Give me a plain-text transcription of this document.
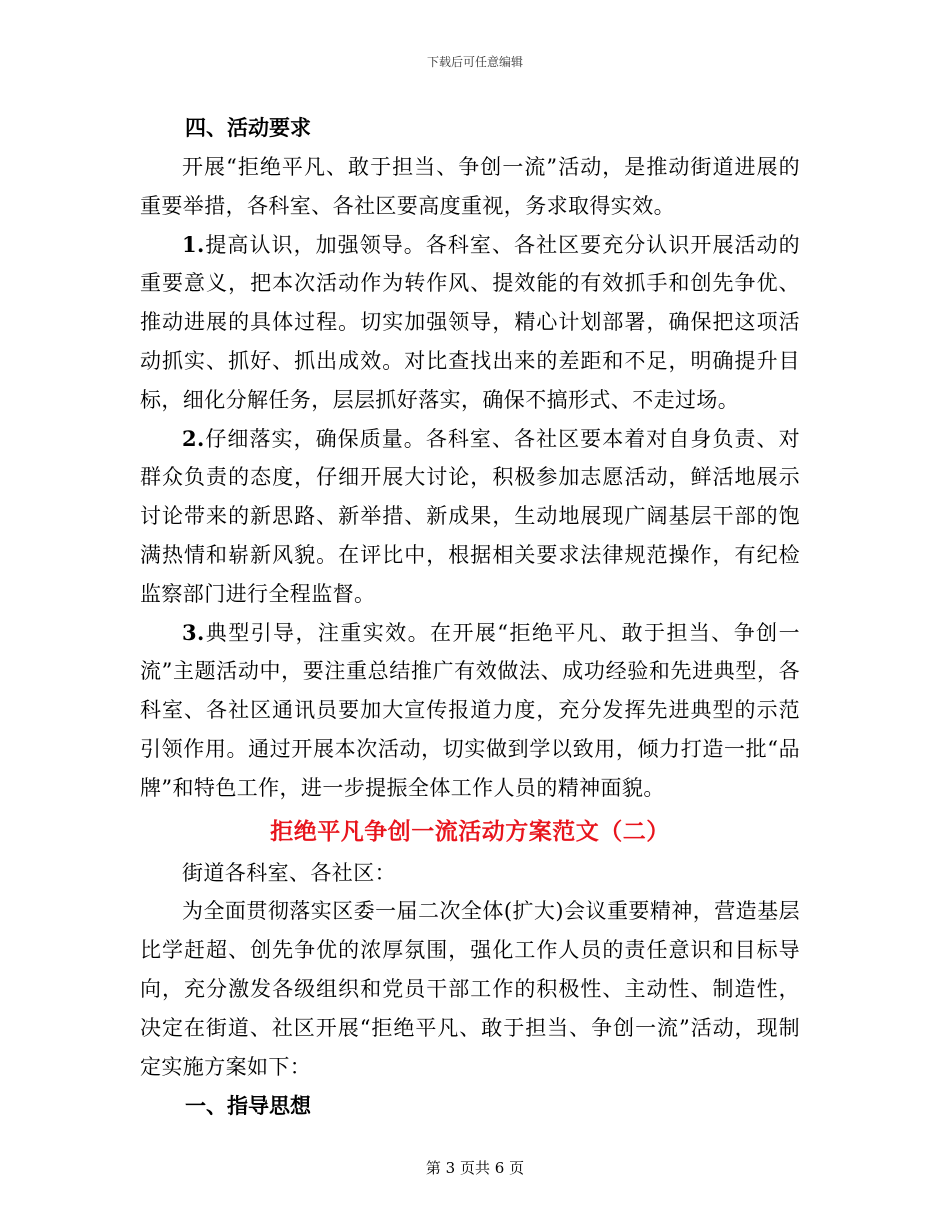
下载后可任意编辑

四、活动要求

开展“拒绝平凡、敢于担当、争创一流”活动，是推动街道进展的重要举措，各科室、各社区要高度重视，务求取得实效。

1.提高认识，加强领导。各科室、各社区要充分认识开展活动的重要意义，把本次活动作为转作风、提效能的有效抓手和创先争优、推动进展的具体过程。切实加强领导，精心计划部署，确保把这项活动抓实、抓好、抓出成效。对比查找出来的差距和不足，明确提升目标，细化分解任务，层层抓好落实，确保不搞形式、不走过场。

2.仔细落实，确保质量。各科室、各社区要本着对自身负责、对群众负责的态度，仔细开展大讨论，积极参加志愿活动，鲜活地展示讨论带来的新思路、新举措、新成果，生动地展现广阔基层干部的饱满热情和崭新风貌。在评比中，根据相关要求法律规范操作，有纪检监察部门进行全程监督。

3.典型引导，注重实效。在开展“拒绝平凡、敢于担当、争创一流”主题活动中，要注重总结推广有效做法、成功经验和先进典型，各科室、各社区通讯员要加大宣传报道力度，充分发挥先进典型的示范引领作用。通过开展本次活动，切实做到学以致用，倾力打造一批“品牌”和特色工作，进一步提振全体工作人员的精神面貌。

拒绝平凡争创一流活动方案范文（二）

街道各科室、各社区：

为全面贯彻落实区委一届二次全体(扩大)会议重要精神，营造基层比学赶超、创先争优的浓厚氛围，强化工作人员的责任意识和目标导向，充分激发各级组织和党员干部工作的积极性、主动性、制造性，决定在街道、社区开展“拒绝平凡、敢于担当、争创一流”活动，现制定实施方案如下：

一、指导思想

第 3 页共 6 页
